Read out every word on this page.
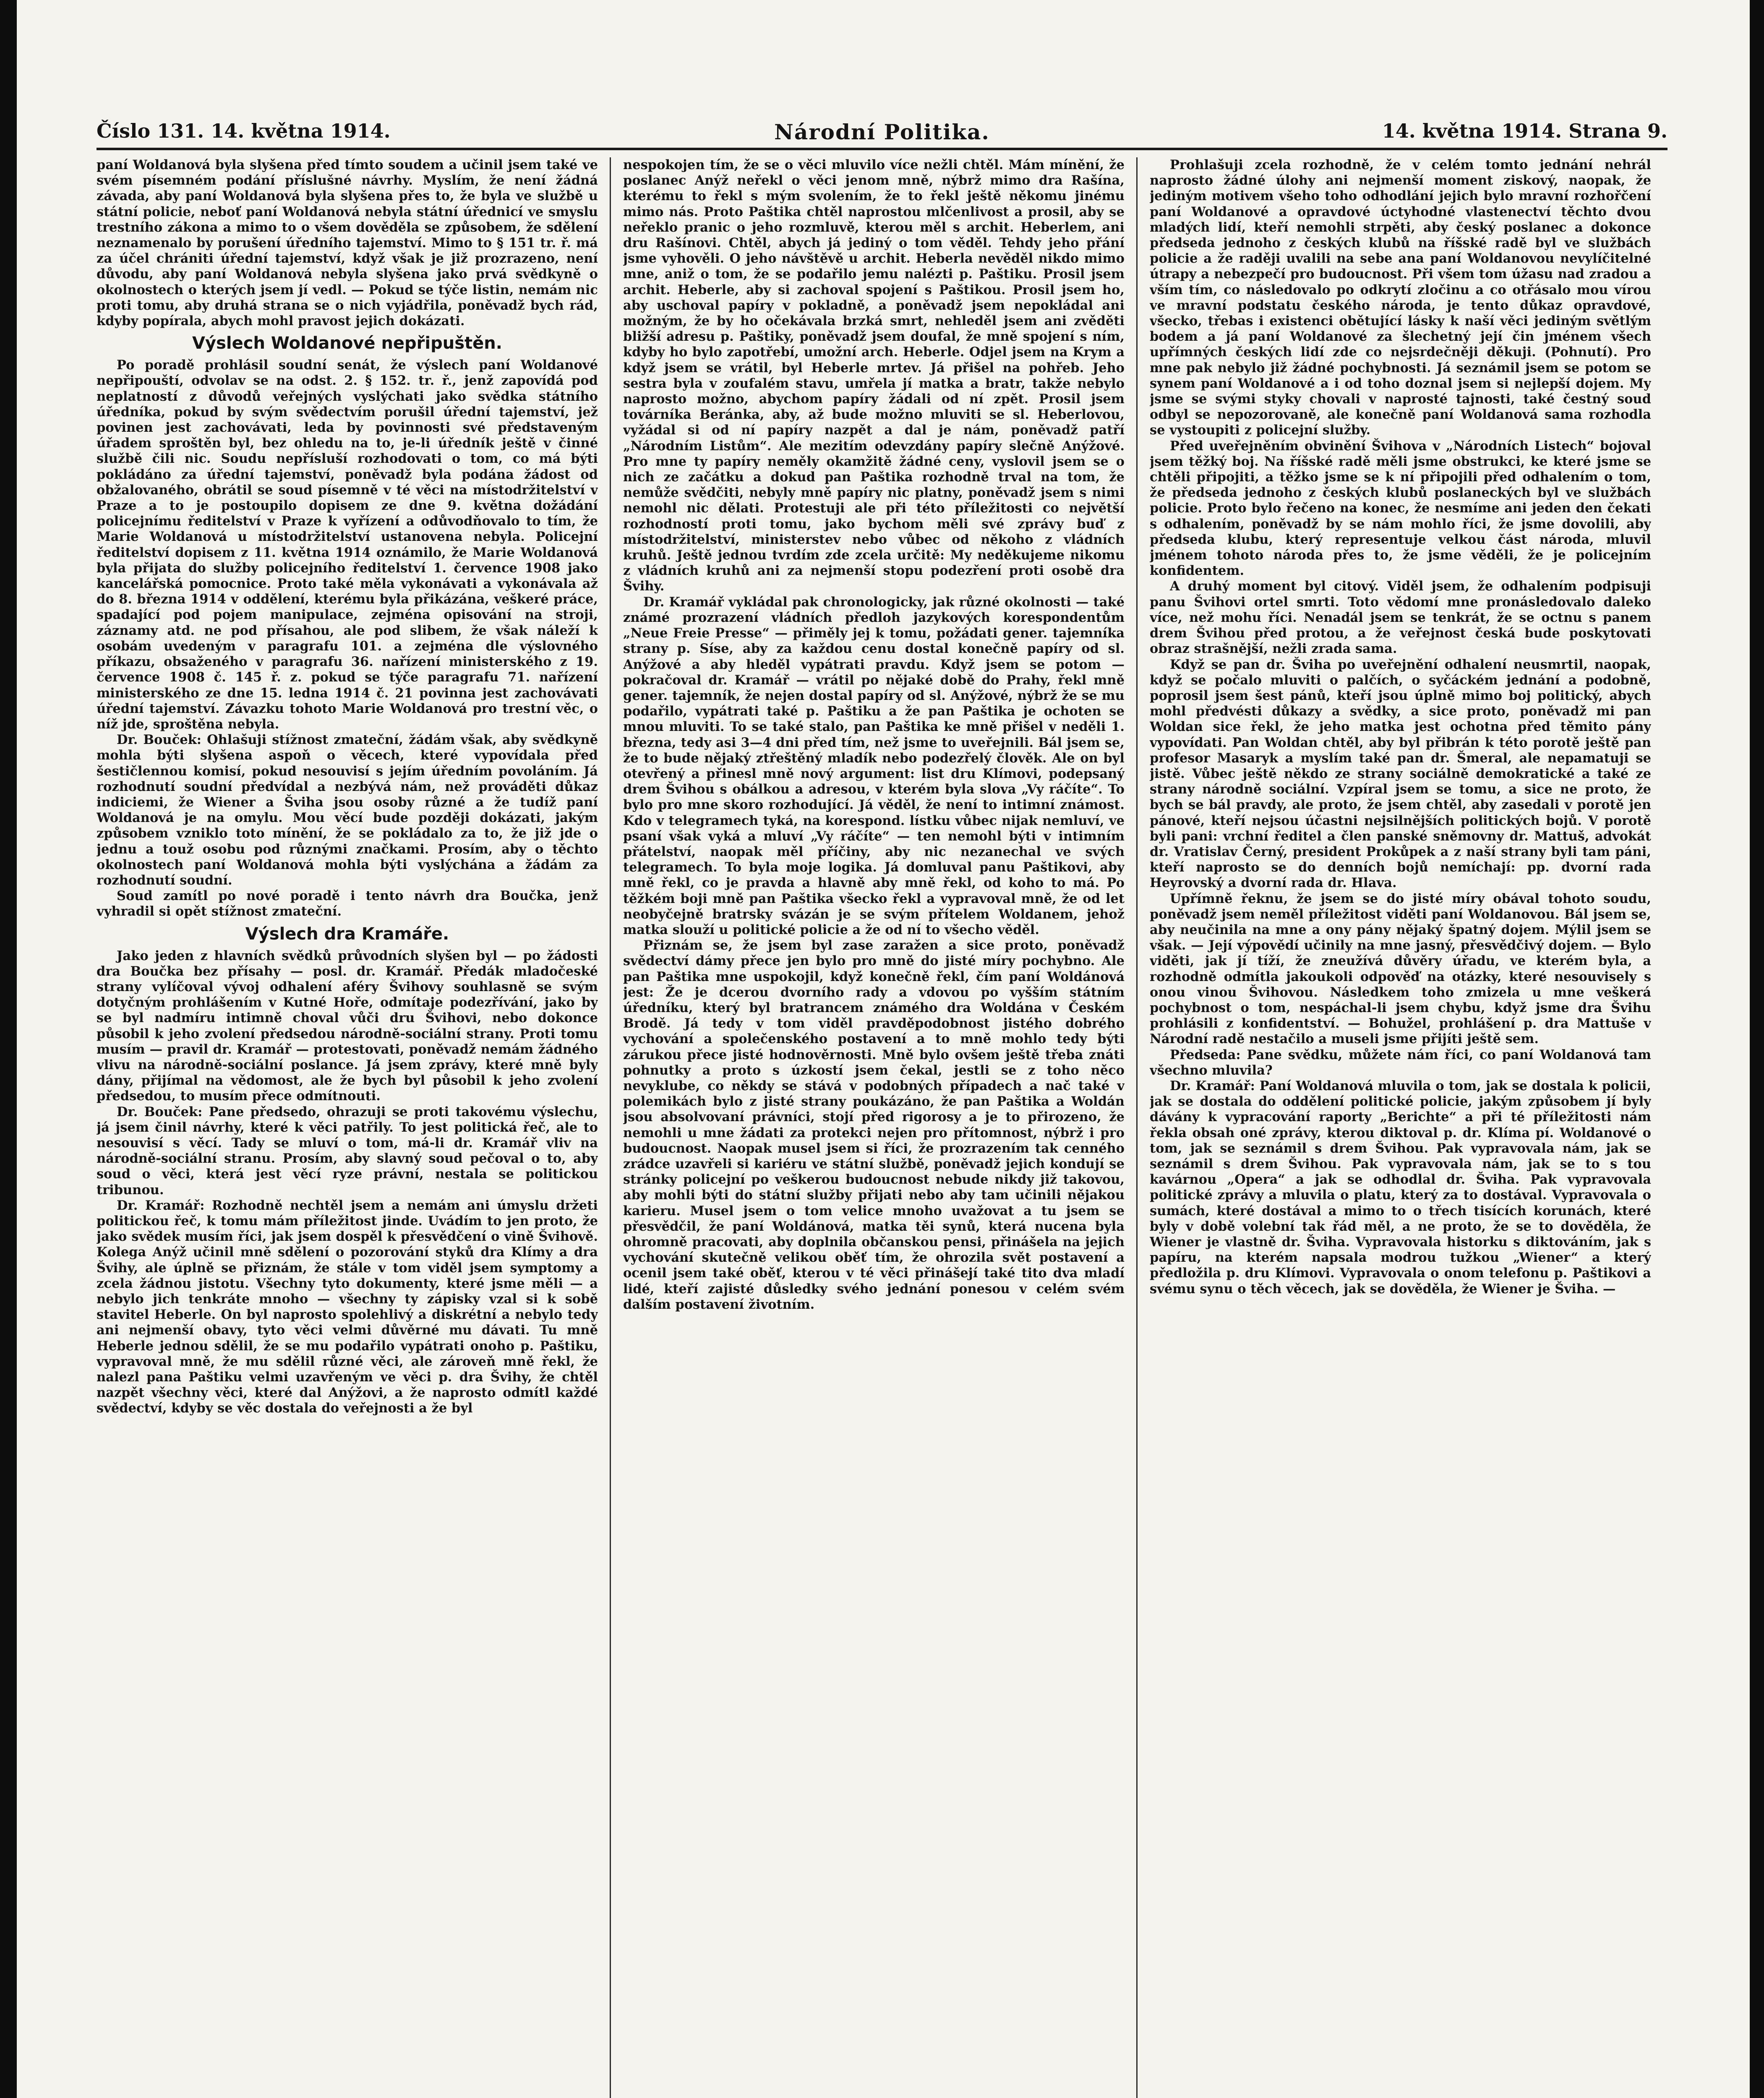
Číslo 131. 14. května 1914.	Národní Politika.	14. května 1914. Strana 9.

paní Woldanová byla slyšena před tímto soudem a učinil jsem také ve svém písemném podání příslušné návrhy. Myslím, že není žádná závada, aby paní Woldanová byla slyšena přes to, že byla ve službě u státní policie, neboť paní Woldanová nebyla státní úřednicí ve smyslu trestního zákona a mimo to o všem dověděla se způsobem, že sdělení neznamenalo by porušení úředního tajemství. Mimo to § 151 tr. ř. má za účel chrániti úřední tajemství, když však je již prozrazeno, není důvodu, aby paní Woldanová nebyla slyšena jako prvá svědkyně o okolnostech o kterých jsem jí vedl. — Pokud se týče listin, nemám nic proti tomu, aby druhá strana se o nich vyjádřila, poněvadž bych rád, kdyby popírala, abych mohl pravost jejich dokázati.

Výslech Woldanové nepřipuštěn.

Po poradě prohlásil soudní senát, že výslech paní Woldanové nepřipouští, odvolav se na odst. 2. § 152. tr. ř., jenž zapovídá pod neplatností z důvodů veřejných vyslýchati jako svědka státního úředníka, pokud by svým svědectvím porušil úřední tajemství, jež povinen jest zachovávati, leda by povinnosti své představeným úřadem sproštěn byl, bez ohledu na to, je-li úředník ještě v činné službě čili nic. Soudu nepřísluší rozhodovati o tom, co má býti pokládáno za úřední tajemství, poněvadž byla podána žádost od obžalovaného, obrátil se soud písemně v té věci na místodržitelství v Praze a to je postoupilo dopisem ze dne 9. května dožádání policejnímu ředitelství v Praze k vyřízení a odůvodňovalo to tím, že Marie Woldanová u místodržitelství ustanovena nebyla. Policejní ředitelství dopisem z 11. května 1914 oznámilo, že Marie Woldanová byla přijata do služby policejního ředitelství 1. července 1908 jako kancelářská pomocnice. Proto také měla vykonávati a vykonávala až do 8. března 1914 v oddělení, kterému byla přikázána, veškeré práce, spadající pod pojem manipulace, zejména opisování na stroji, záznamy atd. ne pod přísahou, ale pod slibem, že však náleží k osobám uvedeným v paragrafu 101. a zejména dle výslovného příkazu, obsaženého v paragrafu 36. nařízení ministerského z 19. července 1908 č. 145 ř. z. pokud se týče paragrafu 71. nařízení ministerského ze dne 15. ledna 1914 č. 21 povinna jest zachovávati úřední tajemství. Závazku tohoto Marie Woldanová pro trestní věc, o níž jde, sproštěna nebyla.

Dr. Bouček: Ohlašuji stížnost zmateční, žádám však, aby svědkyně mohla býti slyšena aspoň o věcech, které vypovídala před šestičlennou komisí, pokud nesouvisí s jejím úředním povoláním. Já rozhodnutí soudní předvídal a nezbývá nám, než prováděti důkaz indiciemi, že Wiener a Šviha jsou osoby různé a že tudíž paní Woldanová je na omylu. Mou věcí bude později dokázati, jakým způsobem vzniklo toto mínění, že se pokládalo za to, že již jde o jednu a touž osobu pod různými značkami. Prosím, aby o těchto okolnostech paní Woldanová mohla býti vyslýchána a žádám za rozhodnutí soudní.

Soud zamítl po nové poradě i tento návrh dra Boučka, jenž vyhradil si opět stížnost zmateční.

Výslech dra Kramáře.

Jako jeden z hlavních svědků průvodních slyšen byl — po žádosti dra Boučka bez přísahy — posl. dr. Kramář. Předák mladočeské strany vylíčoval vývoj odhalení aféry Švihovy souhlasně se svým dotyčným prohlášením v Kutné Hoře, odmítaje podezřívání, jako by se byl nadmíru intimně choval vůči dru Švihovi, nebo dokonce působil k jeho zvolení předsedou národně-sociální strany. Proti tomu musím — pravil dr. Kramář — protestovati, poněvadž nemám žádného vlivu na národně-sociální poslance. Já jsem zprávy, které mně byly dány, přijímal na vědomost, ale že bych byl působil k jeho zvolení předsedou, to musím přece odmítnouti.

Dr. Bouček: Pane předsedo, ohrazuji se proti takovému výslechu, já jsem činil návrhy, které k věci patřily. To jest politická řeč, ale to nesouvisí s věcí. Tady se mluví o tom, má-li dr. Kramář vliv na národně-sociální stranu. Prosím, aby slavný soud pečoval o to, aby soud o věci, která jest věcí ryze právní, nestala se politickou tribunou.

Dr. Kramář: Rozhodně nechtěl jsem a nemám ani úmyslu držeti politickou řeč, k tomu mám příležitost jinde. Uvádím to jen proto, že jako svědek musím říci, jak jsem dospěl k přesvědčení o vině Švihově. Kolega Anýž učinil mně sdělení o pozorování styků dra Klímy a dra Švihy, ale úplně se přiznám, že stále v tom viděl jsem symptomy a zcela žádnou jistotu. Všechny tyto dokumenty, které jsme měli — a nebylo jich tenkráte mnoho — všechny ty zápisky vzal si k sobě stavitel Heberle. On byl naprosto spolehlivý a diskrétní a nebylo tedy ani nejmenší obavy, tyto věci velmi důvěrné mu dávati. Tu mně Heberle jednou sdělil, že se mu podařilo vypátrati onoho p. Paštiku, vypravoval mně, že mu sdělil různé věci, ale zároveň mně řekl, že nalezl pana Paštiku velmi uzavřeným ve věci p. dra Švihy, že chtěl nazpět všechny věci, které dal Anýžovi, a že naprosto odmítl každé svědectví, kdyby se věc dostala do veřejnosti a že byl

nespokojen tím, že se o věci mluvilo více nežli chtěl. Mám mínění, že poslanec Anýž neřekl o věci jenom mně, nýbrž mimo dra Rašína, kterému to řekl s mým svolením, že to řekl ještě někomu jinému mimo nás. Proto Paštika chtěl naprostou mlčenlivost a prosil, aby se neřeklo pranic o jeho rozmluvě, kterou měl s archit. Heberlem, ani dru Rašínovi. Chtěl, abych já jediný o tom věděl. Tehdy jeho přání jsme vyhověli. O jeho návštěvě u archit. Heberla nevěděl nikdo mimo mne, aniž o tom, že se podařilo jemu nalézti p. Paštiku. Prosil jsem archit. Heberle, aby si zachoval spojení s Paštikou. Prosil jsem ho, aby uschoval papíry v pokladně, a poněvadž jsem nepokládal ani možným, že by ho očekávala brzká smrt, nehleděl jsem ani zvěděti bližší adresu p. Paštiky, poněvadž jsem doufal, že mně spojení s ním, kdyby ho bylo zapotřebí, umožní arch. Heberle. Odjel jsem na Krym a když jsem se vrátil, byl Heberle mrtev. Já přišel na pohřeb. Jeho sestra byla v zoufalém stavu, umřela jí matka a bratr, takže nebylo naprosto možno, abychom papíry žádali od ní zpět. Prosil jsem továrníka Beránka, aby, až bude možno mluviti se sl. Heberlovou, vyžádal si od ní papíry nazpět a dal je nám, poněvadž patří „Národním Listům“. Ale mezitím odevzdány papíry slečně Anýžové. Pro mne ty papíry neměly okamžitě žádné ceny, vyslovil jsem se o nich ze začátku a dokud pan Paštika rozhodně trval na tom, že nemůže svědčiti, nebyly mně papíry nic platny, poněvadž jsem s nimi nemohl nic dělati. Protestuji ale při této příležitosti co největší rozhodností proti tomu, jako bychom měli své zprávy buď z místodržitelství, ministerstev nebo vůbec od někoho z vládních kruhů. Ještě jednou tvrdím zde zcela určitě: My neděkujeme nikomu z vládních kruhů ani za nejmenší stopu podezření proti osobě dra Švihy.

Dr. Kramář vykládal pak chronologicky, jak různé okolnosti — také známé prozrazení vládních předloh jazykových korespondentům „Neue Freie Presse“ — přiměly jej k tomu, požádati gener. tajemníka strany p. Síse, aby za každou cenu dostal konečně papíry od sl. Anýžové a aby hleděl vypátrati pravdu. Když jsem se potom — pokračoval dr. Kramář — vrátil po nějaké době do Prahy, řekl mně gener. tajemník, že nejen dostal papíry od sl. Anýžové, nýbrž že se mu podařilo, vypátrati také p. Paštiku a že pan Paštika je ochoten se mnou mluviti. To se také stalo, pan Paštika ke mně přišel v neděli 1. března, tedy asi 3—4 dni před tím, než jsme to uveřejnili. Bál jsem se, že to bude nějaký ztřeštěný mladík nebo podezřelý člověk. Ale on byl otevřený a přinesl mně nový argument: list dru Klímovi, podepsaný drem Švihou s obálkou a adresou, v kterém byla slova „Vy ráčíte“. To bylo pro mne skoro rozhodující. Já věděl, že není to intimní známost. Kdo v telegramech tyká, na korespond. lístku vůbec nijak nemluví, ve psaní však vyká a mluví „Vy ráčíte“ — ten nemohl býti v intimním přátelství, naopak měl příčiny, aby nic nezanechal ve svých telegramech. To byla moje logika. Já domluval panu Paštikovi, aby mně řekl, co je pravda a hlavně aby mně řekl, od koho to má. Po těžkém boji mně pan Paštika všecko řekl a vypravoval mně, že od let neobyčejně bratrsky svázán je se svým přítelem Woldanem, jehož matka slouží u politické policie a že od ní to všecho věděl.

Přiznám se, že jsem byl zase zaražen a sice proto, poněvadž svědectví dámy přece jen bylo pro mně do jisté míry pochybno. Ale pan Paštika mne uspokojil, když konečně řekl, čím paní Woldánová jest: Že je dcerou dvorního rady a vdovou po vyšším státním úředníku, který byl bratrancem známého dra Woldána v Českém Brodě. Já tedy v tom viděl pravděpodobnost jistého dobrého vychování a společenského postavení a to mně mohlo tedy býti zárukou přece jisté hodnověrnosti. Mně bylo ovšem ještě třeba znáti pohnutky a proto s úzkostí jsem čekal, jestli se z toho něco nevyklube, co někdy se stává v podobných případech a nač také v polemikách bylo z jisté strany poukázáno, že pan Paštika a Woldán jsou absolvovaní právníci, stojí před rigorosy a je to přirozeno, že nemohli u mne žádati za protekci nejen pro přítomnost, nýbrž i pro budoucnost. Naopak musel jsem si říci, že prozrazením tak cenného zrádce uzavřeli si kariéru ve státní službě, poněvadž jejich kondují se stránky policejní po veškerou budoucnost nebude nikdy již takovou, aby mohli býti do státní služby přijati nebo aby tam učinili nějakou karieru. Musel jsem o tom velice mnoho uvažovat a tu jsem se přesvědčil, že paní Woldánová, matka těi synů, která nucena byla ohromně pracovati, aby doplnila občanskou pensi, přinášela na jejich vychování skutečně velikou oběť tím, že ohrozila svět postavení a ocenil jsem také oběť, kterou v té věci přinášejí také tito dva mladí lidé, kteří zajisté důsledky svého jednání ponesou v celém svém dalším postavení životním.

Prohlašuji zcela rozhodně, že v celém tomto jednání nehrál naprosto žádné úlohy ani nejmenší moment ziskový, naopak, že jediným motivem všeho toho odhodlání jejich bylo mravní rozhořčení paní Woldanové a opravdové úctyhodné vlastenectví těchto dvou mladých lidí, kteří nemohli strpěti, aby český poslanec a dokonce předseda jednoho z českých klubů na říšské radě byl ve službách policie a že raději uvalili na sebe ana paní Woldanovou nevylíčitelné útrapy a nebezpečí pro budoucnost. Při všem tom úžasu nad zradou a vším tím, co následovalo po odkrytí zločinu a co otřásalo mou vírou ve mravní podstatu českého národa, je tento důkaz opravdové, všecko, třebas i existenci obětující lásky k naší věci jediným světlým bodem a já paní Woldanové za šlechetný její čin jménem všech upřímných českých lidí zde co nejsrdečněji děkuji. (Pohnutí). Pro mne pak nebylo již žádné pochybnosti. Já seznámil jsem se potom se synem paní Woldanové a i od toho doznal jsem si nejlepší dojem. My jsme se svými styky chovali v naprosté tajnosti, také čestný soud odbyl se nepozorovaně, ale konečně paní Woldanová sama rozhodla se vystoupiti z policejní služby.

Před uveřejněním obvinění Švihova v „Národních Listech“ bojoval jsem těžký boj. Na říšské radě měli jsme obstrukci, ke které jsme se chtěli připojiti, a těžko jsme se k ní připojili před odhalením o tom, že předseda jednoho z českých klubů poslaneckých byl ve službách policie. Proto bylo řečeno na konec, že nesmíme ani jeden den čekati s odhalením, poněvadž by se nám mohlo říci, že jsme dovolili, aby předseda klubu, který representuje velkou část národa, mluvil jménem tohoto národa přes to, že jsme věděli, že je policejním konfidentem.

A druhý moment byl citový. Viděl jsem, že odhalením podpisuji panu Švihovi ortel smrti. Toto vědomí mne pronásledovalo daleko více, než mohu říci. Nenadál jsem se tenkrát, že se octnu s panem drem Švihou před protou, a že veřejnost česká bude poskytovati obraz strašnější, nežli zrada sama.

Když se pan dr. Šviha po uveřejnění odhalení neusmrtil, naopak, když se počalo mluviti o palčích, o syčáckém jednání a podobně, poprosil jsem šest pánů, kteří jsou úplně mimo boj politický, abych mohl předvésti důkazy a svědky, a sice proto, poněvadž mi pan Woldan sice řekl, že jeho matka jest ochotna před těmito pány vypovídati. Pan Woldan chtěl, aby byl přibrán k této porotě ještě pan profesor Masaryk a myslím také pan dr. Šmeral, ale nepamatuji se jistě. Vůbec ještě někdo ze strany sociálně demokratické a také ze strany národně sociální. Vzpíral jsem se tomu, a sice ne proto, že bych se bál pravdy, ale proto, že jsem chtěl, aby zasedali v porotě jen pánové, kteří nejsou účastni nejsilnějších politických bojů. V porotě byli pani: vrchní ředitel a člen panské sněmovny dr. Mattuš, advokát dr. Vratislav Černý, president Prokůpek a z naší strany byli tam páni, kteří naprosto se do denních bojů nemíchají: pp. dvorní rada Heyrovský a dvorní rada dr. Hlava.

Upřímně řeknu, že jsem se do jisté míry obával tohoto soudu, poněvadž jsem neměl příležitost viděti paní Woldanovou. Bál jsem se, aby neučinila na mne a ony pány nějaký špatný dojem. Mýlil jsem se však. — Její výpovědí učinily na mne jasný, přesvědčivý dojem. — Bylo viděti, jak jí tíží, že zneužívá důvěry úřadu, ve kterém byla, a rozhodně odmítla jakoukoli odpověď na otázky, které nesouvisely s onou vinou Švihovou. Následkem toho zmizela u mne veškerá pochybnost o tom, nespáchal-li jsem chybu, když jsme dra Švihu prohlásili z konfidentství. — Bohužel, prohlášení p. dra Mattuše v Národní radě nestačilo a museli jsme přijíti ještě sem.

Předseda: Pane svědku, můžete nám říci, co paní Woldanová tam všechno mluvila?

Dr. Kramář: Paní Woldanová mluvila o tom, jak se dostala k policii, jak se dostala do oddělení politické policie, jakým způsobem jí byly dávány k vypracování raporty „Berichte“ a při té příležitosti nám řekla obsah oné zprávy, kterou diktoval p. dr. Klíma pí. Woldanové o tom, jak se seznámil s drem Švihou. Pak vypravovala nám, jak se seznámil s drem Švihou. Pak vypravovala nám, jak se to s tou kavárnou „Opera“ a jak se odhodlal dr. Šviha. Pak vypravovala politické zprávy a mluvila o platu, který za to dostával. Vypravovala o sumách, které dostával a mimo to o třech tisících korunách, které byly v době volební tak řád měl, a ne proto, že se to dověděla, že Wiener je vlastně dr. Šviha. Vypravovala historku s diktováním, jak s papíru, na kterém napsala modrou tužkou „Wiener“ a který předložila p. dru Klímovi. Vypravovala o onom telefonu p. Paštikovi a svému synu o těch věcech, jak se dověděla, že Wiener je Šviha. —
